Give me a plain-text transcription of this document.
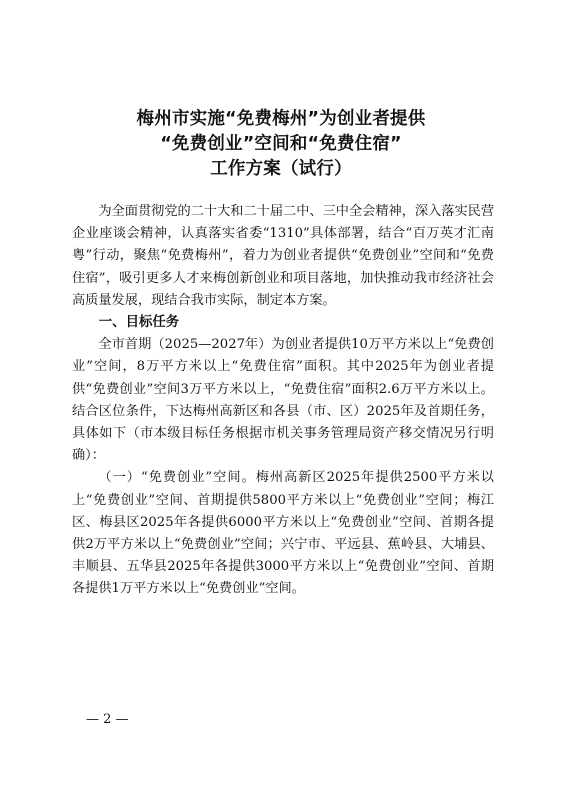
梅州市实施“免费梅州”为创业者提供
“免费创业”空间和“免费住宿”
工作方案（试行）

为全面贯彻党的二十大和二十届二中、三中全会精神，深入落实民营企业座谈会精神，认真落实省委“1310”具体部署，结合“百万英才汇南粤”行动，聚焦“免费梅州”，着力为创业者提供“免费创业”空间和“免费住宿”，吸引更多人才来梅创新创业和项目落地，加快推动我市经济社会高质量发展，现结合我市实际，制定本方案。

一、目标任务

全市首期（2025—2027年）为创业者提供10万平方米以上“免费创业”空间，8万平方米以上“免费住宿”面积。其中2025年为创业者提供“免费创业”空间3万平方米以上，“免费住宿”面积2.6万平方米以上。结合区位条件，下达梅州高新区和各县（市、区）2025年及首期任务，具体如下（市本级目标任务根据市机关事务管理局资产移交情况另行明确）：

（一）“免费创业”空间。梅州高新区2025年提供2500平方米以上“免费创业”空间、首期提供5800平方米以上“免费创业”空间；梅江区、梅县区2025年各提供6000平方米以上“免费创业”空间、首期各提供2万平方米以上“免费创业”空间；兴宁市、平远县、蕉岭县、大埔县、丰顺县、五华县2025年各提供3000平方米以上“免费创业”空间、首期各提供1万平方米以上“免费创业”空间。

— 2 —
